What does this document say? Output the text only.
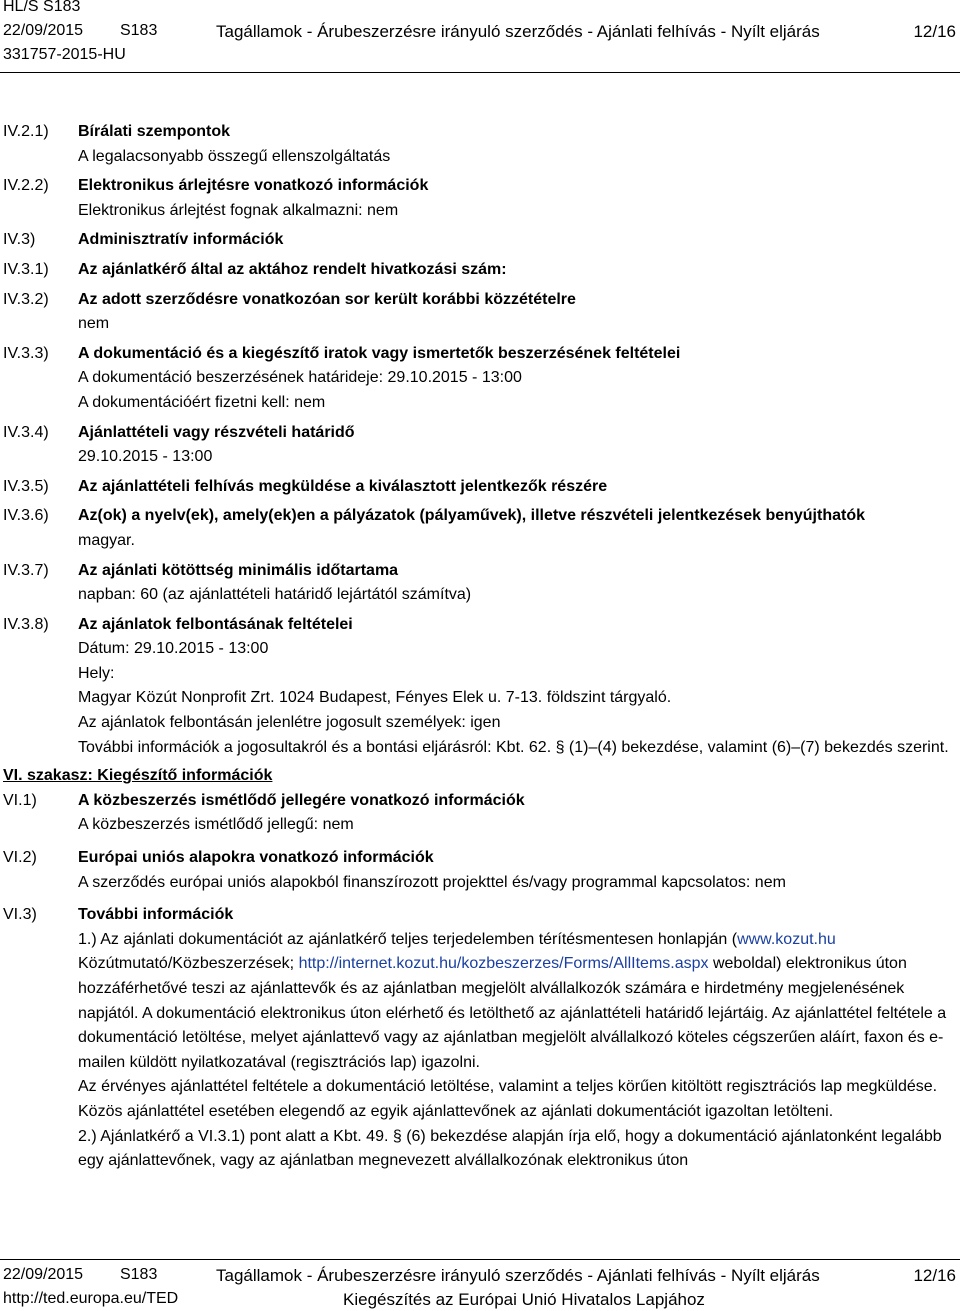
HL/S S183
22/09/2015 S183	Tagállamok - Árubeszerzésre irányuló szerződés - Ajánlati felhívás - Nyílt eljárás	12/16
331757-2015-HU
IV.2.1)	Bírálati szempontok
A legalacsonyabb összegű ellenszolgáltatás
IV.2.2)	Elektronikus árlejtésre vonatkozó információk
Elektronikus árlejtést fognak alkalmazni: nem
IV.3)	Adminisztratív információk
IV.3.1)	Az ajánlatkérő által az aktához rendelt hivatkozási szám:
IV.3.2)	Az adott szerződésre vonatkozóan sor került korábbi közzétételre
nem
IV.3.3)	A dokumentáció és a kiegészítő iratok vagy ismertetők beszerzésének feltételei
A dokumentáció beszerzésének határideje: 29.10.2015 - 13:00
A dokumentációért fizetni kell: nem
IV.3.4)	Ajánlattételi vagy részvételi határidő
29.10.2015 - 13:00
IV.3.5)	Az ajánlattételi felhívás megküldése a kiválasztott jelentkezők részére
IV.3.6)	Az(ok) a nyelv(ek), amely(ek)en a pályázatok (pályaművek), illetve részvételi jelentkezések benyújthatók
magyar.
IV.3.7)	Az ajánlati kötöttség minimális időtartama
napban: 60 (az ajánlattételi határidő lejártától számítva)
IV.3.8)	Az ajánlatok felbontásának feltételei
Dátum: 29.10.2015 - 13:00
Hely:
Magyar Közút Nonprofit Zrt. 1024 Budapest, Fényes Elek u. 7-13. földszint tárgyaló.
Az ajánlatok felbontásán jelenlétre jogosult személyek: igen
További információk a jogosultakról és a bontási eljárásról: Kbt. 62. § (1)–(4) bekezdése, valamint (6)–(7) bekezdés szerint.
VI. szakasz: Kiegészítő információk
VI.1)	A közbeszerzés ismétlődő jellegére vonatkozó információk
A közbeszerzés ismétlődő jellegű: nem
VI.2)	Európai uniós alapokra vonatkozó információk
A szerződés európai uniós alapokból finanszírozott projekttel és/vagy programmal kapcsolatos: nem
VI.3)	További információk
1.) Az ajánlati dokumentációt az ajánlatkérő teljes terjedelemben térítésmentesen honlapján (www.kozut.hu Közútmutató/Közbeszerzések; http://internet.kozut.hu/kozbeszerzes/Forms/AllItems.aspx weboldal) elektronikus úton hozzáférhetővé teszi az ajánlattevők és az ajánlatban megjelölt alvállalkozók számára e hirdetmény megjelenésének napjától. A dokumentáció elektronikus úton elérhető és letölthető az ajánlattételi határidő lejártáig. Az ajánlattétel feltétele a dokumentáció letöltése, melyet ajánlattevő vagy az ajánlatban megjelölt alvállalkozó köteles cégszerűen aláírt, faxon és e-mailen küldött nyilatkozatával (regisztrációs lap) igazolni.
Az érvényes ajánlattétel feltétele a dokumentáció letöltése, valamint a teljes körűen kitöltött regisztrációs lap megküldése. Közös ajánlattétel esetében elegendő az egyik ajánlattevőnek az ajánlati dokumentációt igazoltan letölteni.
2.) Ajánlatkérő a VI.3.1) pont alatt a Kbt. 49. § (6) bekezdése alapján írja elő, hogy a dokumentáció ajánlatonként legalább egy ajánlattevőnek, vagy az ajánlatban megnevezett alvállalkozónak elektronikus úton
22/09/2015 S183	Tagállamok - Árubeszerzésre irányuló szerződés - Ajánlati felhívás - Nyílt eljárás	12/16
http://ted.europa.eu/TED	Kiegészítés az Európai Unió Hivatalos Lapjához
